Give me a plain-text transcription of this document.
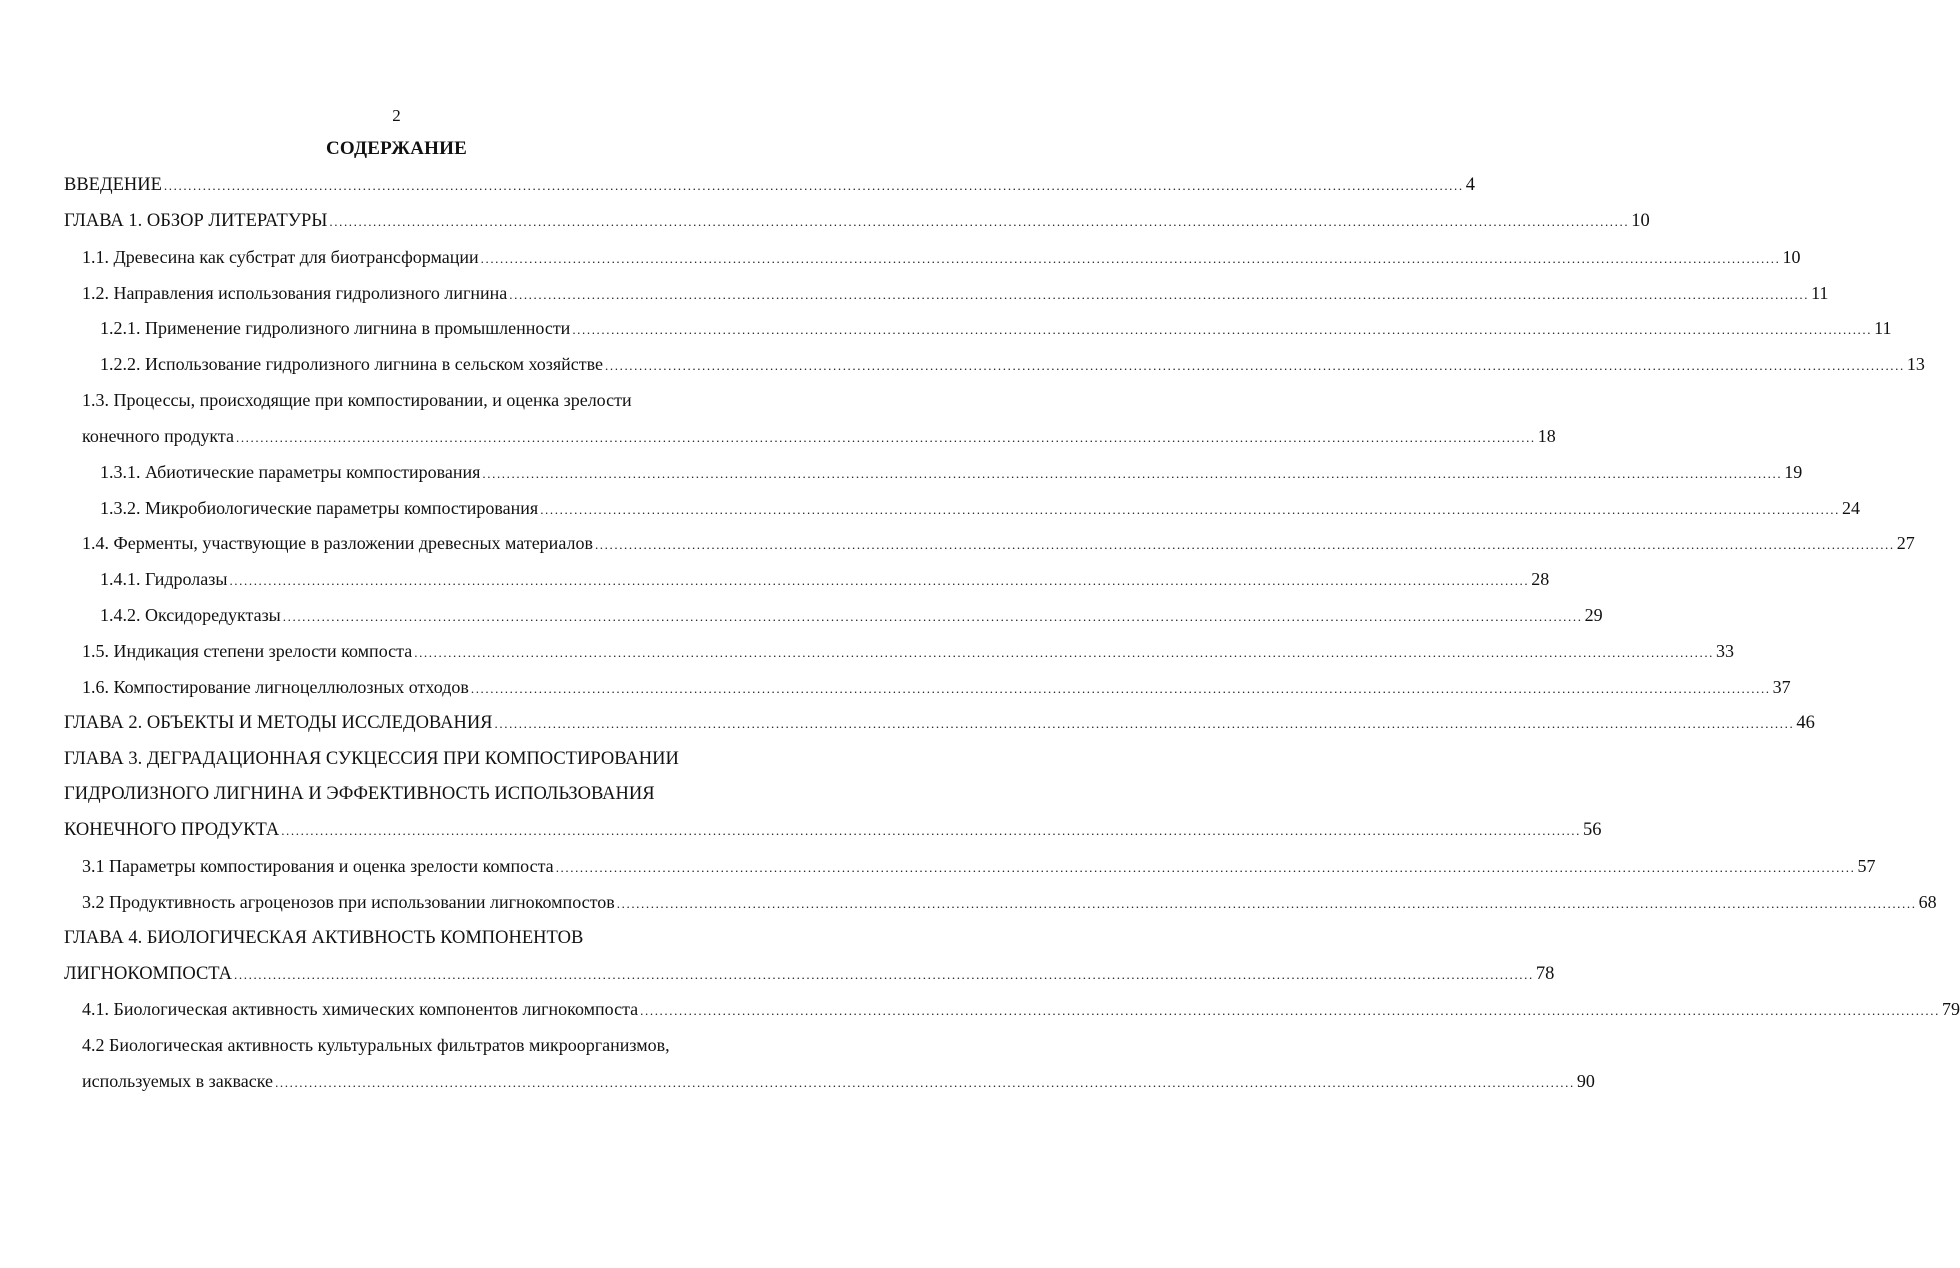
2
СОДЕРЖАНИЕ
ВВЕДЕНИЕ .....	4
ГЛАВА 1. ОБЗОР ЛИТЕРАТУРЫ .....	10
1.1. Древесина как субстрат для биотрансформации .....	10
1.2. Направления использования гидролизного лигнина .....	11
1.2.1. Применение гидролизного лигнина в промышленности .....	11
1.2.2. Использование гидролизного лигнина в сельском хозяйстве .....	13
1.3. Процессы, происходящие при компостировании, и оценка зрелости
конечного продукта .....	18
1.3.1. Абиотические параметры компостирования .....	19
1.3.2. Микробиологические параметры компостирования .....	24
1.4. Ферменты, участвующие в разложении древесных материалов .....	27
1.4.1. Гидролазы .....	28
1.4.2. Оксидоредуктазы .....	29
1.5. Индикация степени зрелости компоста .....	33
1.6. Компостирование лигноцеллюлозных отходов .....	37
ГЛАВА 2. ОБЪЕКТЫ И МЕТОДЫ ИССЛЕДОВАНИЯ .....	46
ГЛАВА 3. ДЕГРАДАЦИОННАЯ СУКЦЕССИЯ ПРИ КОМПОСТИРОВАНИИ
ГИДРОЛИЗНОГО ЛИГНИНА И ЭФФЕКТИВНОСТЬ ИСПОЛЬЗОВАНИЯ
КОНЕЧНОГО ПРОДУКТА .....	56
3.1 Параметры компостирования и оценка зрелости компоста .....	57
3.2 Продуктивность агроценозов при использовании лигнокомпостов .....	68
ГЛАВА 4. БИОЛОГИЧЕСКАЯ АКТИВНОСТЬ КОМПОНЕНТОВ
ЛИГНОКОМПОСТА .....	78
4.1. Биологическая активность химических компонентов лигнокомпоста .....	79
4.2 Биологическая активность культуральных фильтратов микроорганизмов,
используемых в закваске .....	90
